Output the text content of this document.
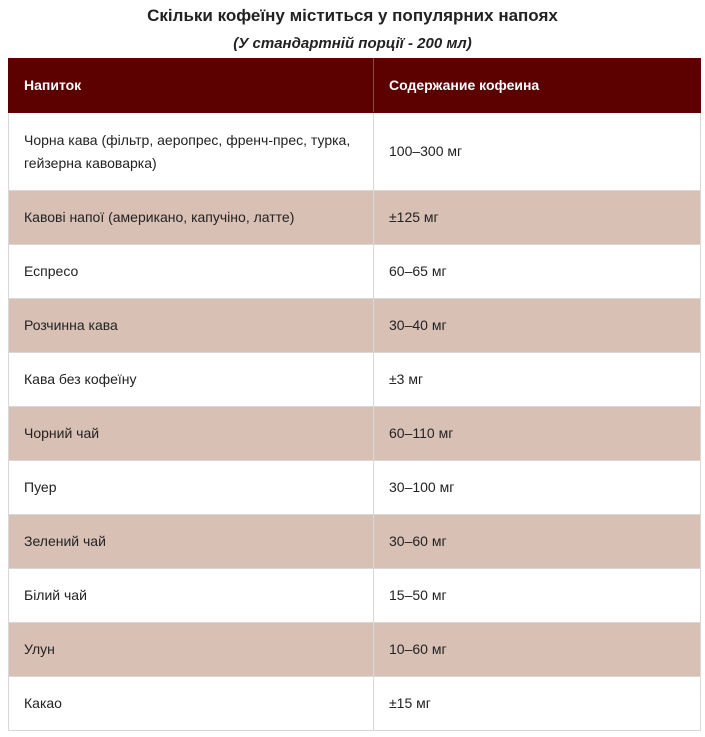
Скільки кофеїну міститься у популярних напоях
(У стандартній порції - 200 мл)
Напиток	Содержание кофеина
Чорна кава (фільтр, аеропрес, френч-прес, турка, гейзерна кавоварка)	100–300 мг
Кавові напої (американо, капучіно, латте)	±125 мг
Еспресо	60–65 мг
Розчинна кава	30–40 мг
Кава без кофеїну	±3 мг
Чорний чай	60–110 мг
Пуер	30–100 мг
Зелений чай	30–60 мг
Білий чай	15–50 мг
Улун	10–60 мг
Какао	±15 мг
